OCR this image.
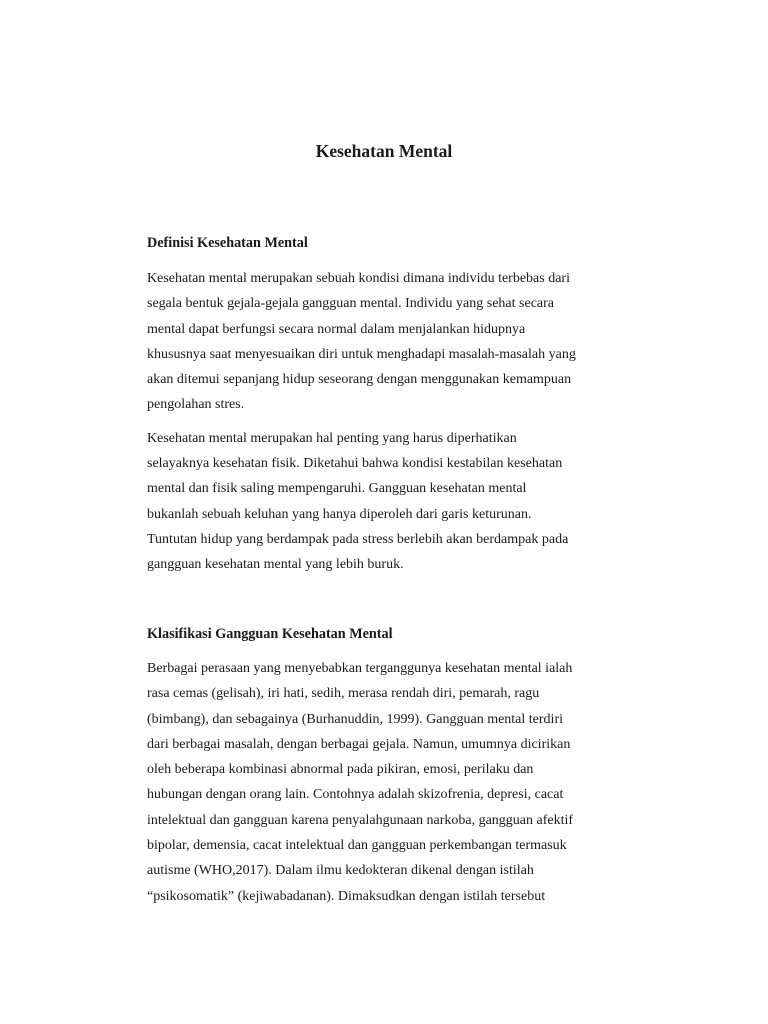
Kesehatan Mental
Definisi Kesehatan Mental

Kesehatan mental merupakan sebuah kondisi dimana individu terbebas dari
segala bentuk gejala-gejala gangguan mental. Individu yang sehat secara
mental dapat berfungsi secara normal dalam menjalankan hidupnya
khususnya saat menyesuaikan diri untuk menghadapi masalah-masalah yang
akan ditemui sepanjang hidup seseorang dengan menggunakan kemampuan
pengolahan stres.

Kesehatan mental merupakan hal penting yang harus diperhatikan
selayaknya kesehatan fisik. Diketahui bahwa kondisi kestabilan kesehatan
mental dan fisik saling mempengaruhi. Gangguan kesehatan mental
bukanlah sebuah keluhan yang hanya diperoleh dari garis keturunan.
Tuntutan hidup yang berdampak pada stress berlebih akan berdampak pada
gangguan kesehatan mental yang lebih buruk.

Klasifikasi Gangguan Kesehatan Mental

Berbagai perasaan yang menyebabkan terganggunya kesehatan mental ialah
rasa cemas (gelisah), iri hati, sedih, merasa rendah diri, pemarah, ragu
(bimbang), dan sebagainya (Burhanuddin, 1999). Gangguan mental terdiri
dari berbagai masalah, dengan berbagai gejala. Namun, umumnya dicirikan
oleh beberapa kombinasi abnormal pada pikiran, emosi, perilaku dan
hubungan dengan orang lain. Contohnya adalah skizofrenia, depresi, cacat
intelektual dan gangguan karena penyalahgunaan narkoba, gangguan afektif
bipolar, demensia, cacat intelektual dan gangguan perkembangan termasuk
autisme (WHO,2017). Dalam ilmu kedokteran dikenal dengan istilah
“psikosomatik” (kejiwabadanan). Dimaksudkan dengan istilah tersebut
